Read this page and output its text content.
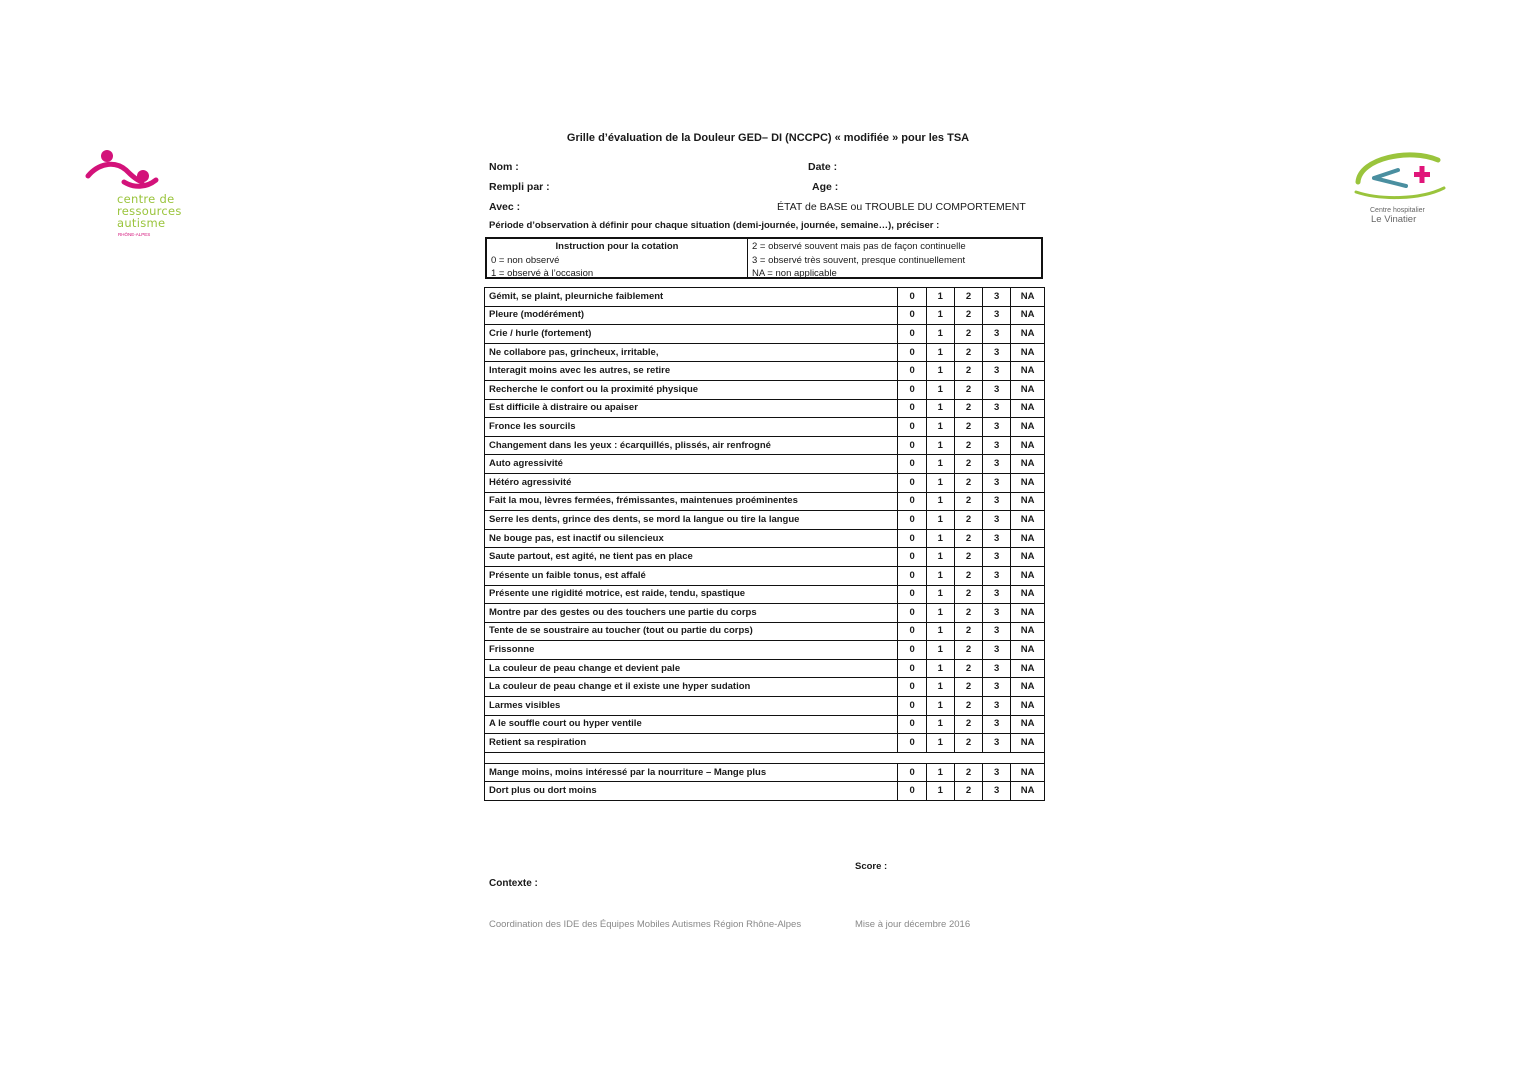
centre de
ressources
autisme
RHÔNE-ALPES
Centre hospitalier
Le Vinatier
Grille d’évaluation de la Douleur GED– DI (NCCPC) « modifiée » pour les TSA
Nom :	Date :
Rempli par :	Age :
Avec :	ÉTAT de BASE ou TROUBLE DU COMPORTEMENT
Période d’observation à définir pour chaque situation (demi-journée, journée, semaine…), préciser :
Instruction pour la cotation
0 = non observé
1 = observé à l’occasion
2 = observé souvent mais pas de façon continuelle
3 = observé très souvent, presque continuellement
NA = non applicable
Gémit, se plaint, pleurniche faiblement	0	1	2	3	NA
Pleure (modérément)	0	1	2	3	NA
Crie / hurle (fortement)	0	1	2	3	NA
Ne collabore pas, grincheux, irritable,	0	1	2	3	NA
Interagit moins avec les autres, se retire	0	1	2	3	NA
Recherche le confort ou la proximité physique	0	1	2	3	NA
Est difficile à distraire ou apaiser	0	1	2	3	NA
Fronce les sourcils	0	1	2	3	NA
Changement dans les yeux : écarquillés, plissés, air renfrogné	0	1	2	3	NA
Auto agressivité	0	1	2	3	NA
Hétéro agressivité	0	1	2	3	NA
Fait la mou, lèvres fermées, frémissantes, maintenues proéminentes	0	1	2	3	NA
Serre les dents, grince des dents, se mord la langue ou tire la langue	0	1	2	3	NA
Ne bouge pas, est inactif ou silencieux	0	1	2	3	NA
Saute partout, est agité, ne tient pas en place	0	1	2	3	NA
Présente un faible tonus, est affalé	0	1	2	3	NA
Présente une rigidité motrice, est raide, tendu, spastique	0	1	2	3	NA
Montre par des gestes ou des touchers une partie du corps	0	1	2	3	NA
Tente de se soustraire au toucher (tout ou partie du corps)	0	1	2	3	NA
Frissonne	0	1	2	3	NA
La couleur de peau change et devient pale	0	1	2	3	NA
La couleur de peau change et il existe une hyper sudation	0	1	2	3	NA
Larmes visibles	0	1	2	3	NA
A le souffle court ou hyper ventile	0	1	2	3	NA
Retient sa respiration	0	1	2	3	NA

Mange moins, moins intéressé par la nourriture – Mange plus	0	1	2	3	NA
Dort plus ou dort moins	0	1	2	3	NA
Score :
Contexte :
Coordination des IDE des Équipes Mobiles Autismes Région Rhône-Alpes	Mise à jour décembre 2016
